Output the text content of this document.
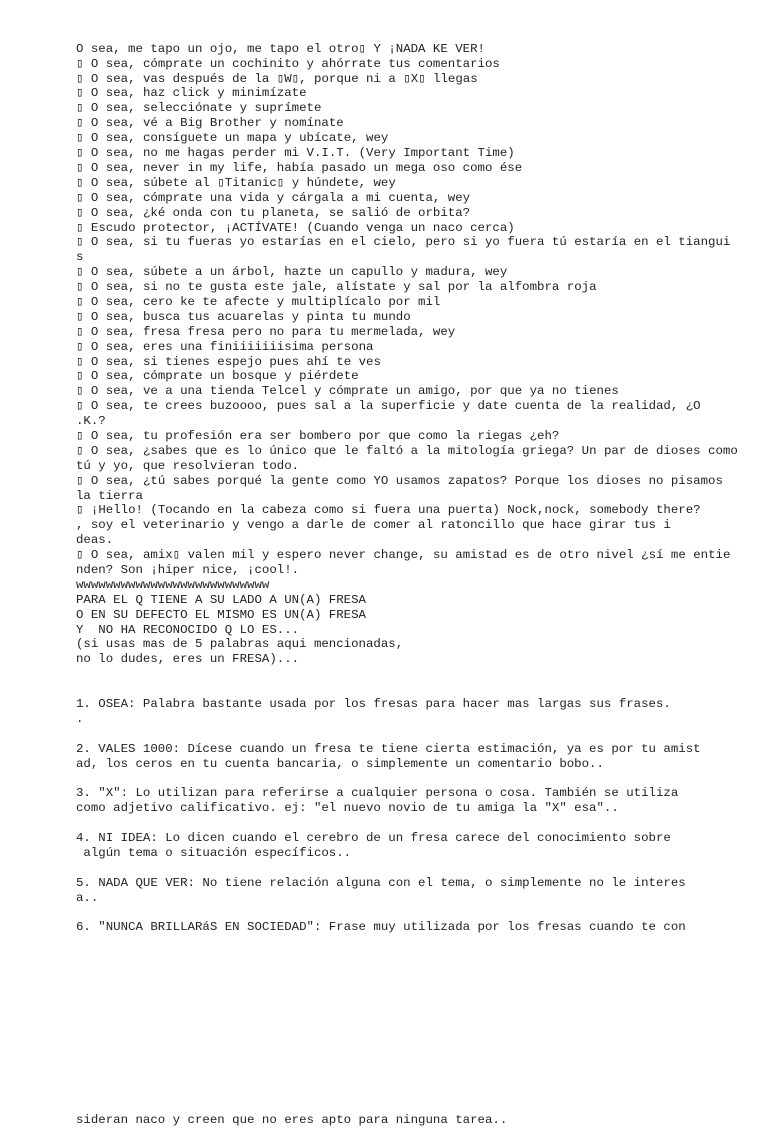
O sea, me tapo un ojo, me tapo el otro▯ Y ¡NADA KE VER!
▯ O sea, cómprate un cochinito y ahórrate tus comentarios
▯ O sea, vas después de la ▯W▯, porque ni a ▯X▯ llegas
▯ O sea, haz click y minimízate
▯ O sea, selecciónate y suprímete
▯ O sea, vé a Big Brother y nomínate
▯ O sea, consíguete un mapa y ubícate, wey
▯ O sea, no me hagas perder mi V.I.T. (Very Important Time)
▯ O sea, never in my life, había pasado un mega oso como ése
▯ O sea, súbete al ▯Titanic▯ y húndete, wey
▯ O sea, cómprate una vida y cárgala a mi cuenta, wey
▯ O sea, ¿ké onda con tu planeta, se salió de orbita?
▯ Escudo protector, ¡ACTÍVATE! (Cuando venga un naco cerca)
▯ O sea, si tu fueras yo estarías en el cielo, pero si yo fuera tú estaría en el tiangui
s
▯ O sea, súbete a un árbol, hazte un capullo y madura, wey
▯ O sea, si no te gusta este jale, alístate y sal por la alfombra roja
▯ O sea, cero ke te afecte y multiplícalo por mil
▯ O sea, busca tus acuarelas y pinta tu mundo
▯ O sea, fresa fresa pero no para tu mermelada, wey
▯ O sea, eres una finiiiiiiisima persona
▯ O sea, si tienes espejo pues ahí te ves
▯ O sea, cómprate un bosque y piérdete
▯ O sea, ve a una tienda Telcel y cómprate un amigo, por que ya no tienes
▯ O sea, te crees buzoooo, pues sal a la superficie y date cuenta de la realidad, ¿O
.K.?
▯ O sea, tu profesión era ser bombero por que como la riegas ¿eh?
▯ O sea, ¿sabes que es lo único que le faltó a la mitología griega? Un par de dioses como
tú y yo, que resolvieran todo.
▯ O sea, ¿tú sabes porqué la gente como YO usamos zapatos? Porque los dioses no pisamos
la tierra
▯ ¡Hello! (Tocando en la cabeza como si fuera una puerta) Nock,nock, somebody there?
, soy el veterinario y vengo a darle de comer al ratoncillo que hace girar tus i
deas.
▯ O sea, amix▯ valen mil y espero never change, su amistad es de otro nivel ¿sí me entie
nden? Son ¡hiper nice, ¡cool!.
wwwwwwwwwwwwwwwwwwwwwwwwww
PARA EL Q TIENE A SU LADO A UN(A) FRESA
O EN SU DEFECTO EL MISMO ES UN(A) FRESA
Y  NO HA RECONOCIDO Q LO ES...
(si usas mas de 5 palabras aqui mencionadas,
no lo dudes, eres un FRESA)...
1. OSEA: Palabra bastante usada por los fresas para hacer mas largas sus frases.
.
2. VALES 1000: Dícese cuando un fresa te tiene cierta estimación, ya es por tu amist
ad, los ceros en tu cuenta bancaria, o simplemente un comentario bobo..
3. "X": Lo utilizan para referirse a cualquier persona o cosa. También se utiliza
como adjetivo calificativo. ej: "el nuevo novio de tu amiga la "X" esa"..
4. NI IDEA: Lo dicen cuando el cerebro de un fresa carece del conocimiento sobre
algún tema o situación específicos..
5. NADA QUE VER: No tiene relación alguna con el tema, o simplemente no le interes
a..
6. "NUNCA BRILLARáS EN SOCIEDAD": Frase muy utilizada por los fresas cuando te con

sideran naco y creen que no eres apto para ninguna tarea..
